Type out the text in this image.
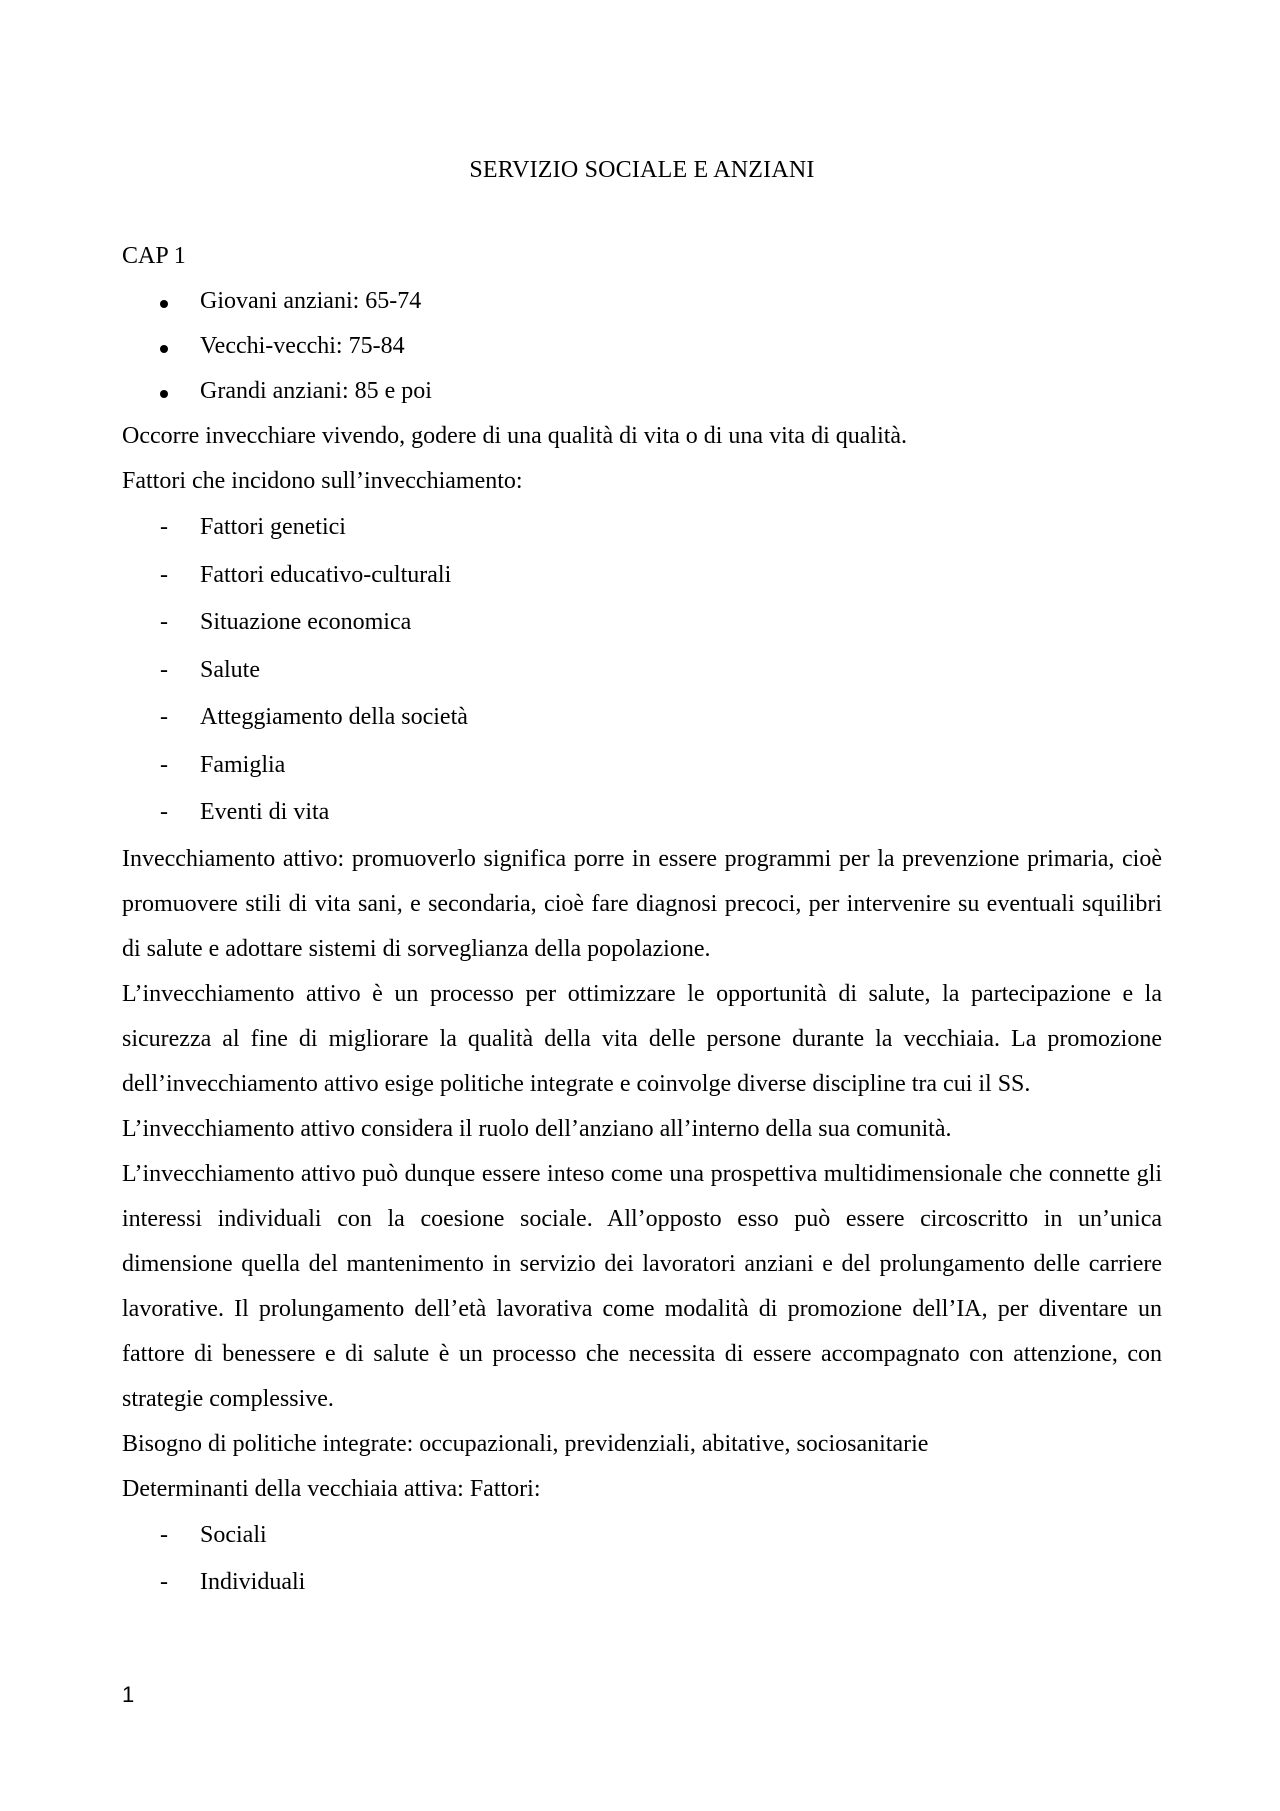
SERVIZIO SOCIALE E ANZIANI

CAP 1

Giovani anziani: 65-74
Vecchi-vecchi: 75-84
Grandi anziani: 85 e poi

Occorre invecchiare vivendo, godere di una qualità di vita o di una vita di qualità.

Fattori che incidono sull’invecchiamento:

-	Fattori genetici
-	Fattori educativo-culturali
-	Situazione economica
-	Salute
-	Atteggiamento della società
-	Famiglia
-	Eventi di vita

Invecchiamento attivo: promuoverlo significa porre in essere programmi per la prevenzione primaria, cioè promuovere stili di vita sani, e secondaria, cioè fare diagnosi precoci, per intervenire su eventuali squilibri di salute e adottare sistemi di sorveglianza della popolazione.

L’invecchiamento attivo è un processo per ottimizzare le opportunità di salute, la partecipazione e la sicurezza al fine di migliorare la qualità della vita delle persone durante la vecchiaia. La promozione dell’invecchiamento attivo esige politiche integrate e coinvolge diverse discipline tra cui il SS.

L’invecchiamento attivo considera il ruolo dell’anziano all’interno della sua comunità.

L’invecchiamento attivo può dunque essere inteso come una prospettiva multidimensionale che connette gli interessi individuali con la coesione sociale. All’opposto esso può essere circoscritto in un’unica dimensione quella del mantenimento in servizio dei lavoratori anziani e del prolungamento delle carriere lavorative. Il prolungamento dell’età lavorativa come modalità di promozione dell’IA, per diventare un fattore di benessere e di salute è un processo che necessita di essere accompagnato con attenzione, con strategie complessive.

Bisogno di politiche integrate: occupazionali, previdenziali, abitative, sociosanitarie

Determinanti della vecchiaia attiva: Fattori:

-	Sociali
-	Individuali
1
